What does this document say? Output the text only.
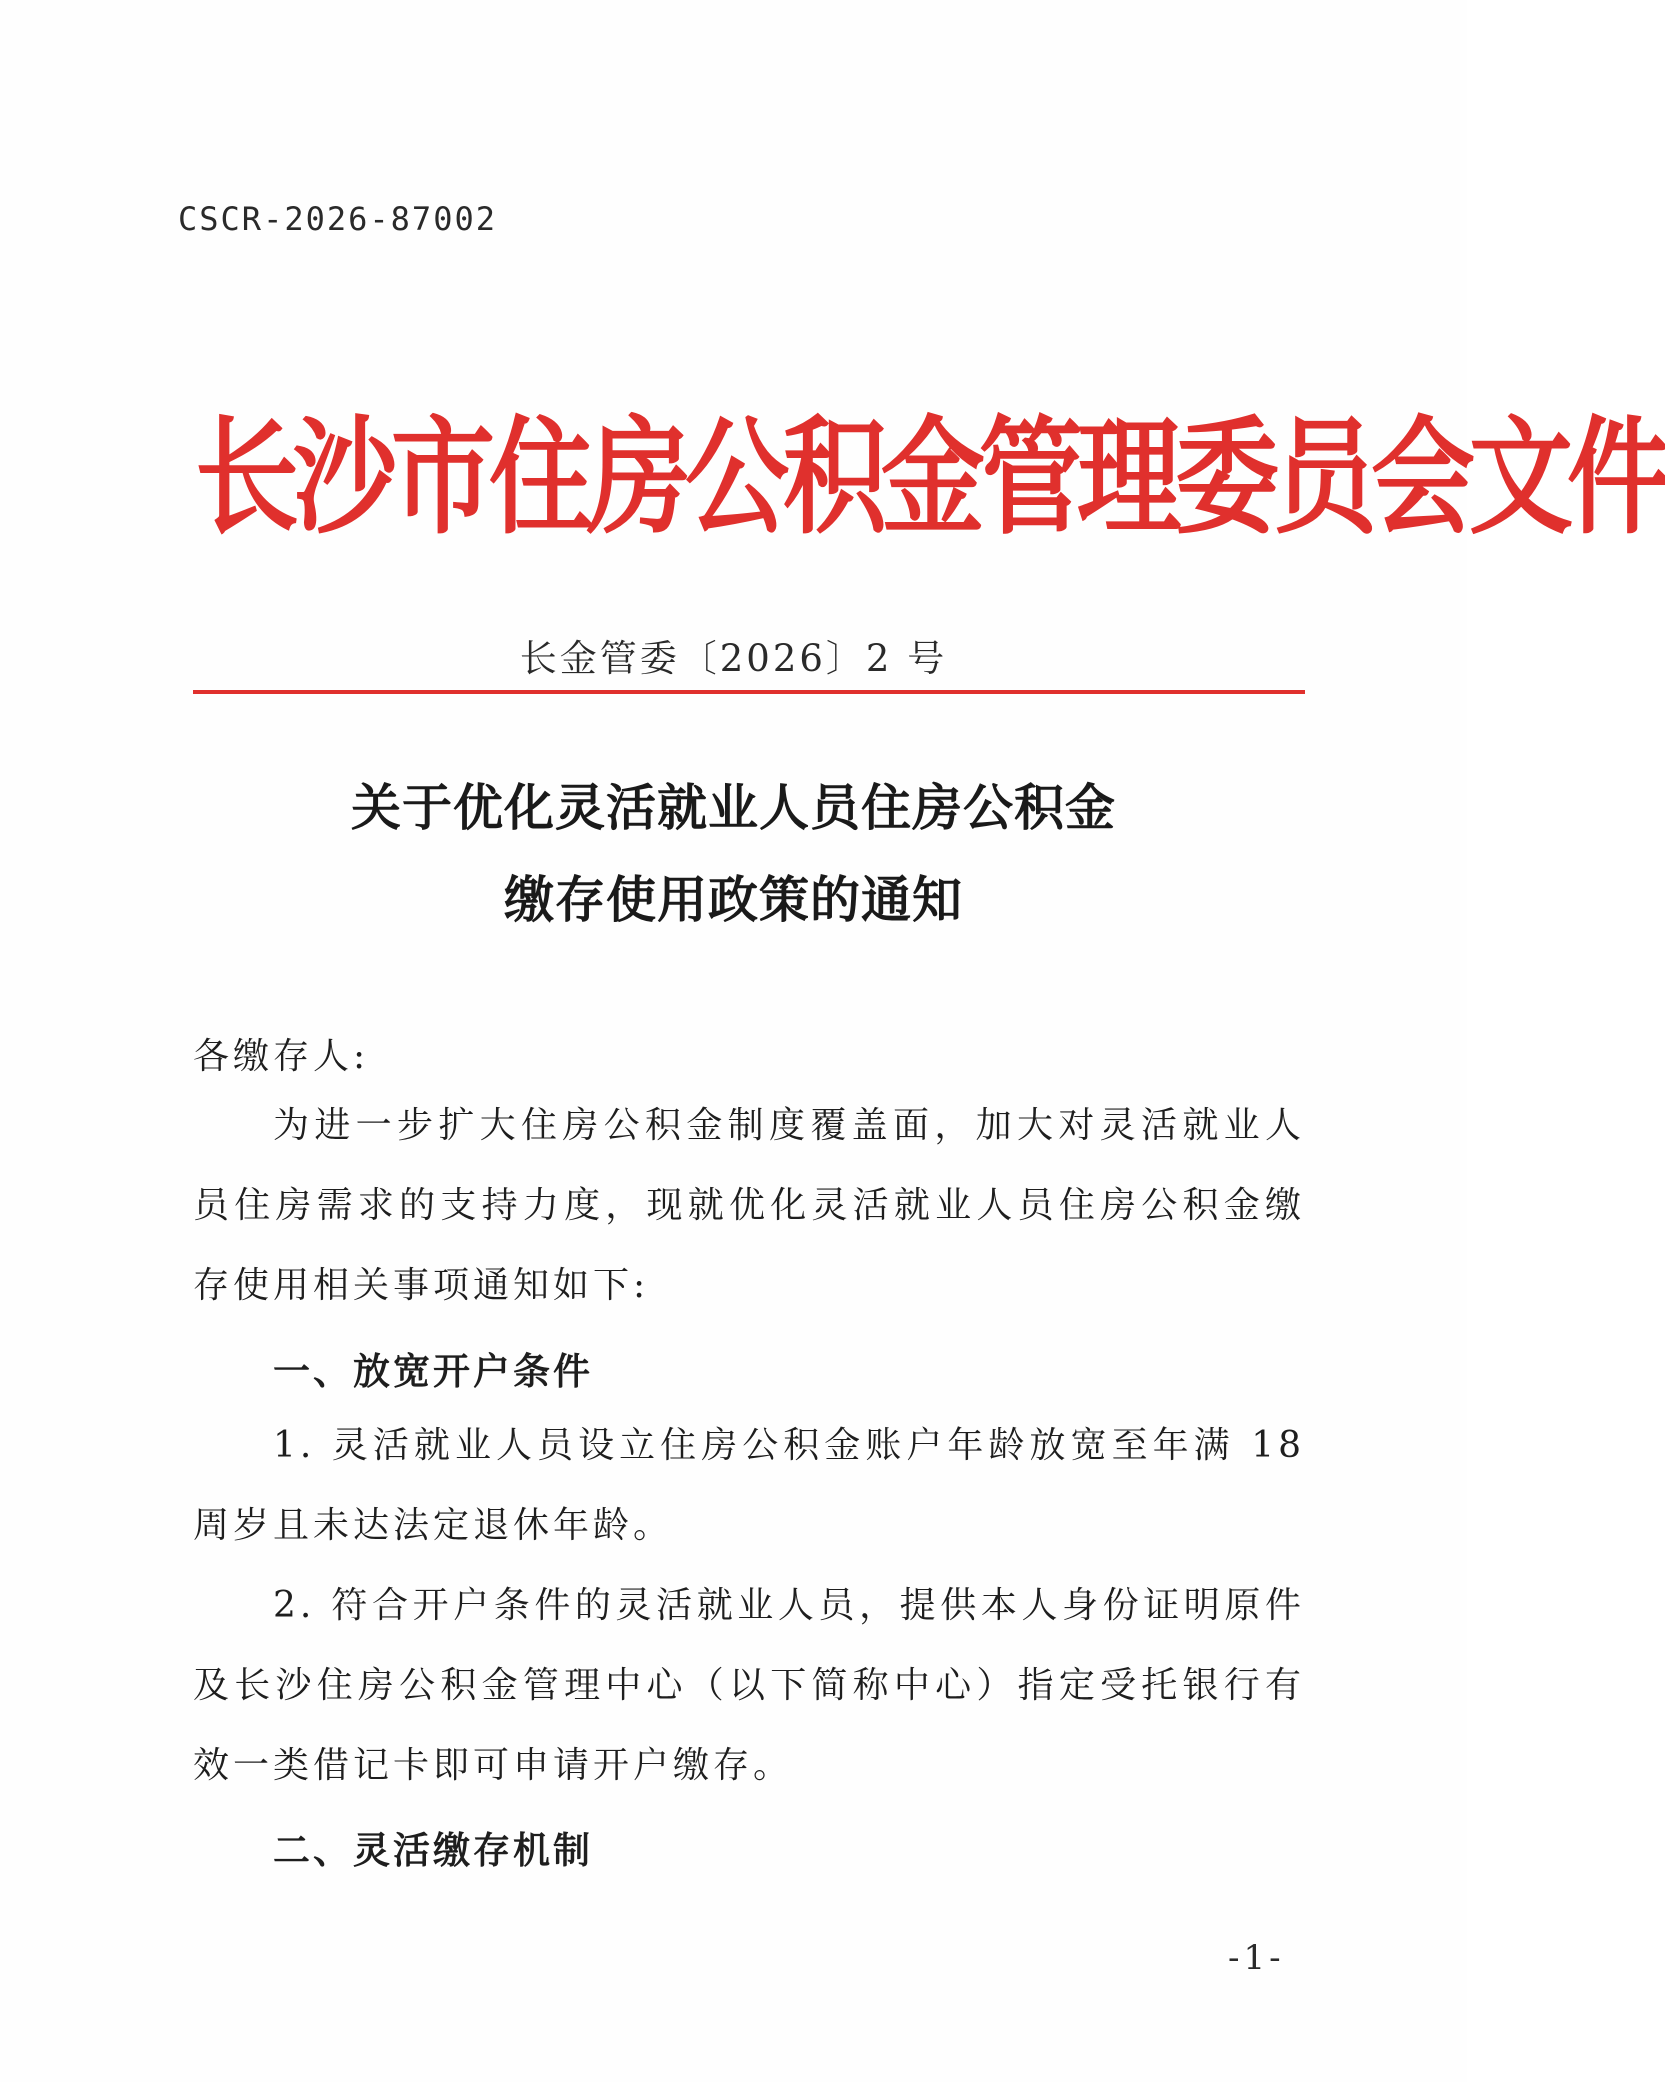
CSCR-2026-87002
长沙市住房公积金管理委员会文件
长金管委〔2026〕2 号
关于优化灵活就业人员住房公积金
缴存使用政策的通知
各缴存人:

为进一步扩大住房公积金制度覆盖面，加大对灵活就业人员住房需求的支持力度，现就优化灵活就业人员住房公积金缴存使用相关事项通知如下:

一、放宽开户条件

1. 灵活就业人员设立住房公积金账户年龄放宽至年满 18 周岁且未达法定退休年龄。

2. 符合开户条件的灵活就业人员，提供本人身份证明原件及长沙住房公积金管理中心（以下简称中心）指定受托银行有效一类借记卡即可申请开户缴存。

二、灵活缴存机制
-1-
